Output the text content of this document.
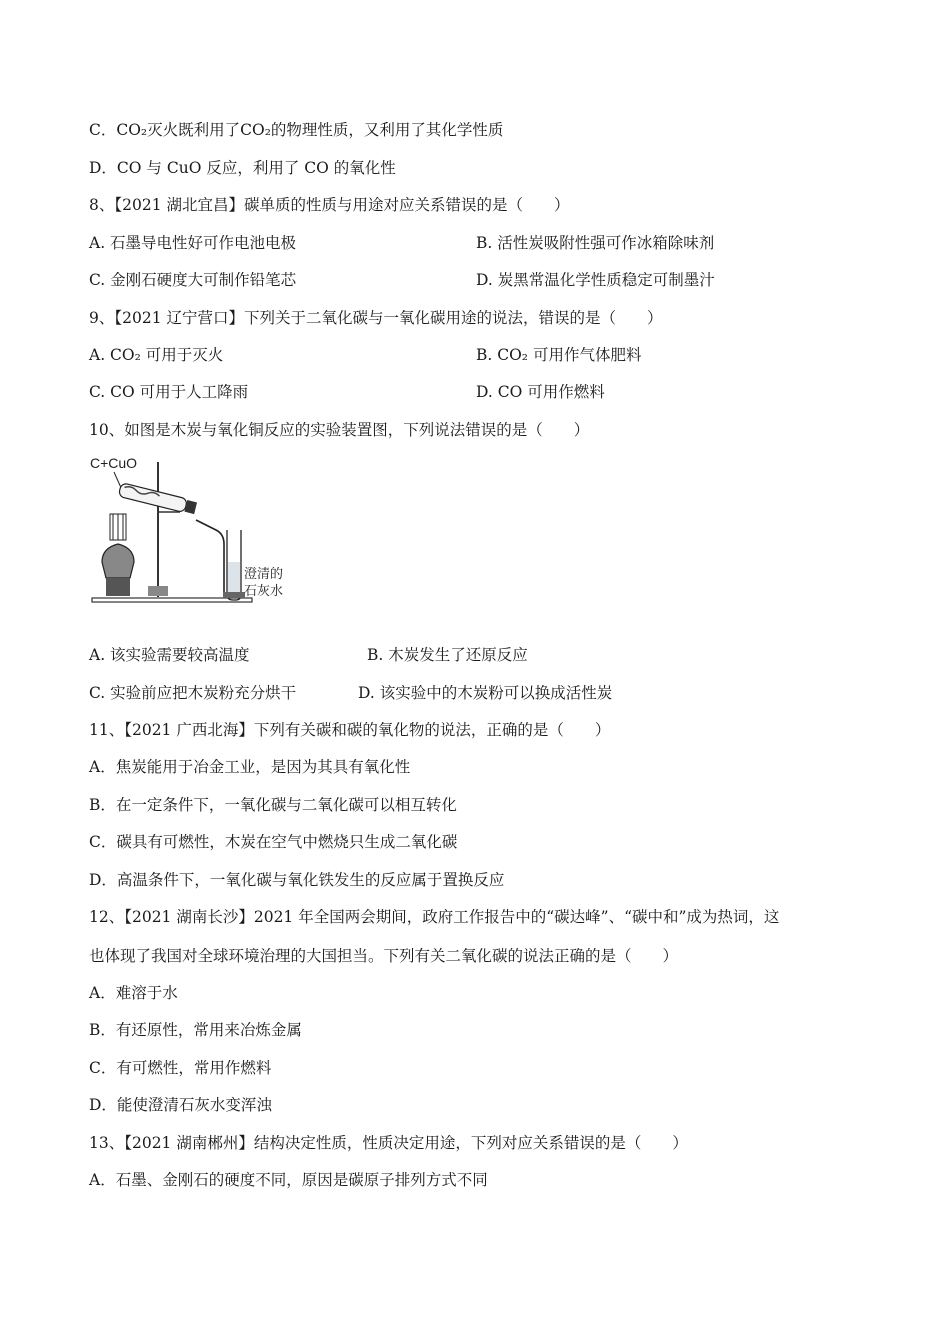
C．CO₂灭火既利用了CO₂的物理性质，又利用了其化学性质
D．CO 与 CuO 反应，利用了 CO 的氧化性
8、【2021 湖北宜昌】碳单质的性质与用途对应关系错误的是（　　）
A. 石墨导电性好可作电池电极	B. 活性炭吸附性强可作冰箱除味剂
C. 金刚石硬度大可制作铅笔芯	D. 炭黑常温化学性质稳定可制墨汁
9、【2021 辽宁营口】下列关于二氧化碳与一氧化碳用途的说法，错误的是（　　）
A. CO₂ 可用于灭火	B. CO₂ 可用作气体肥料
C. CO 可用于人工降雨	D. CO 可用作燃料
10、如图是木炭与氧化铜反应的实验装置图，下列说法错误的是（　　）
C+CuO
澄清的
石灰水
A. 该实验需要较高温度	B. 木炭发生了还原反应
C. 实验前应把木炭粉充分烘干	D. 该实验中的木炭粉可以换成活性炭
11、【2021 广西北海】下列有关碳和碳的氧化物的说法，正确的是（　　）
A．焦炭能用于冶金工业，是因为其具有氧化性
B．在一定条件下，一氧化碳与二氧化碳可以相互转化
C．碳具有可燃性，木炭在空气中燃烧只生成二氧化碳
D．高温条件下，一氧化碳与氧化铁发生的反应属于置换反应
12、【2021 湖南长沙】2021 年全国两会期间，政府工作报告中的“碳达峰”、“碳中和”成为热词，这
也体现了我国对全球环境治理的大国担当。下列有关二氧化碳的说法正确的是（　　）
A．难溶于水
B．有还原性，常用来冶炼金属
C．有可燃性，常用作燃料
D．能使澄清石灰水变浑浊
13、【2021 湖南郴州】结构决定性质，性质决定用途，下列对应关系错误的是（　　）
A．石墨、金刚石的硬度不同，原因是碳原子排列方式不同
